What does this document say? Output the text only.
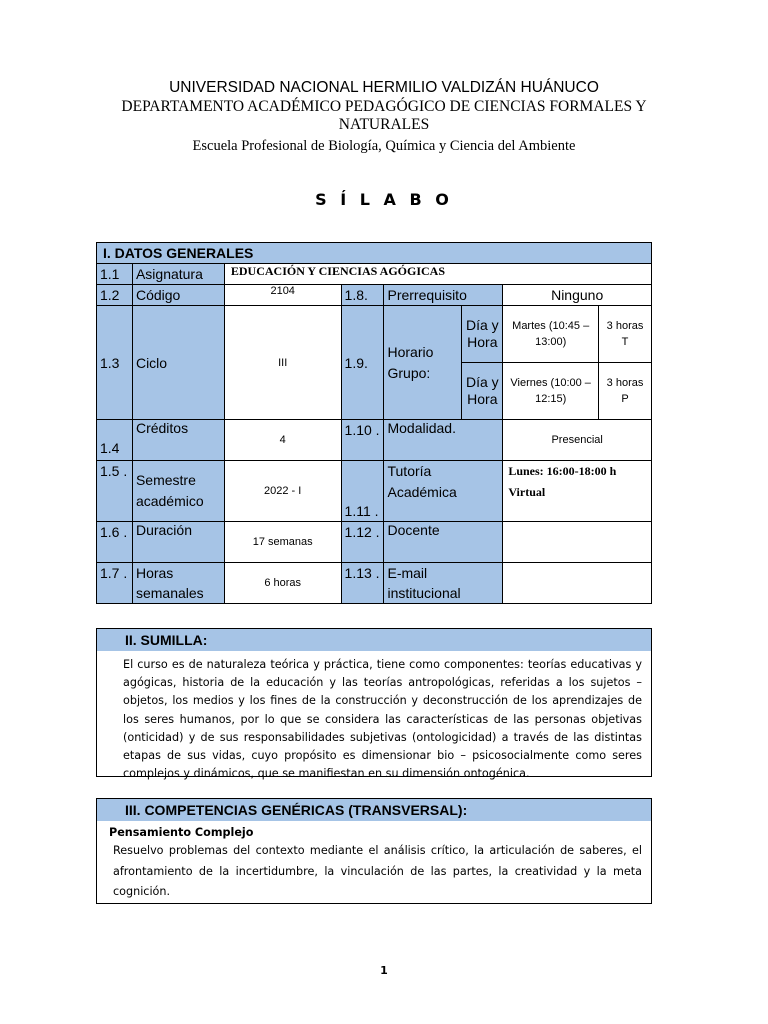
UNIVERSIDAD NACIONAL HERMILIO VALDIZÁN HUÁNUCO
DEPARTAMENTO ACADÉMICO PEDAGÓGICO DE CIENCIAS FORMALES Y NATURALES
Escuela Profesional de Biología, Química y Ciencia del Ambiente
S Í L A B O
I. DATOS GENERALES							
1.1	Asignatura	EDUCACIÓN Y CIENCIAS AGÓGICAS					
1.2	Código	2104	1.8.	Prerrequisito		Ninguno	
1.3	Ciclo	III	1.9.	Horario Grupo:	Día y Hora	Martes (10:45 – 13:00)	3 horas T
					Día y Hora	Viernes (10:00 – 12:15)	3 horas P
1.4	Créditos	4	1.10 .	Modalidad.		Presencial	
1.5 .	Semestre académico	2022 - I	1.11 .	Tutoría Académica		Lunes: 16:00-18:00 h
Virtual	

1.6 .	Duración	17 semanas	1.12 .	Docente			
1.7 .	Horas semanales	6 horas	1.13 .	E-mail institucional			
II. SUMILLA:
El curso es de naturaleza teórica y práctica, tiene como componentes: teorías educativas y agógicas, historia de la educación y las teorías antropológicas, referidas a los sujetos – objetos, los medios y los fines de la construcción y deconstrucción de los aprendizajes de los seres humanos, por lo que se considera las características de las personas objetivas (onticidad) y de sus responsabilidades subjetivas (ontologicidad) a través de las distintas etapas de sus vidas, cuyo propósito es dimensionar bio – psicosocialmente como seres complejos y dinámicos, que se manifiestan en su dimensión ontogénica.
III. COMPETENCIAS GENÉRICAS (TRANSVERSAL):
Pensamiento Complejo
Resuelvo problemas del contexto mediante el análisis crítico, la articulación de saberes, el afrontamiento de la incertidumbre, la vinculación de las partes, la creatividad y la meta cognición.
1
